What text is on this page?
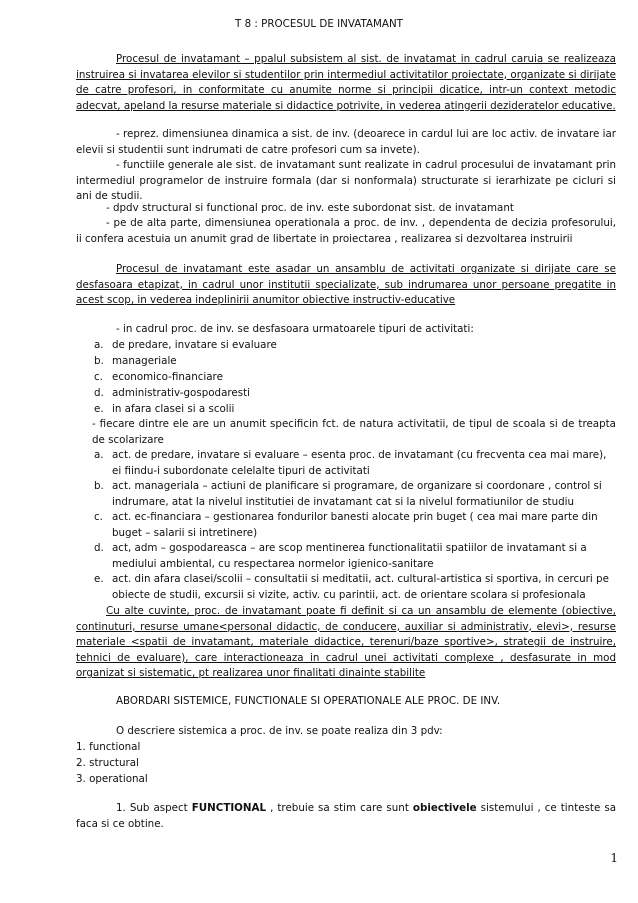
T 8 : PROCESUL DE INVATAMANT
Procesul de invatamant – ppalul subsistem al sist. de invatamat in cadrul caruia se realizeaza instruirea si invatarea elevilor si studentilor prin intermediul activitatilor proiectate, organizate si dirijate de catre profesori, in conformitate cu anumite norme si principii dicatice, intr-un context metodic adecvat, apeland la resurse materiale si didactice potrivite, in vederea atingerii dezideratelor educative.
- reprez. dimensiunea dinamica a sist. de inv. (deoarece in cardul lui are loc activ. de invatare iar elevii si studentii sunt indrumati de catre profesori cum sa invete).
- functiile generale ale sist. de invatamant sunt realizate in cadrul procesului de invatamant prin intermediul programelor de instruire formala (dar si nonformala) structurate si ierarhizate pe cicluri si ani de studii.
- dpdv structural si functional proc. de inv. este subordonat sist. de invatamant
- pe de alta parte, dimensiunea operationala a proc. de inv. , dependenta de decizia profesorului, ii confera acestuia un anumit grad de libertate in proiectarea , realizarea si dezvoltarea instruirii
Procesul de invatamant este asadar un ansamblu de activitati organizate si dirijate care se desfasoara etapizat, in cadrul unor institutii specializate, sub indrumarea unor persoane pregatite in acest scop, in vederea indeplinirii anumitor obiective instructiv-educative
- in cadrul proc. de inv. se desfasoara urmatoarele tipuri de activitati:
a. de predare, invatare si evaluare
b. manageriale
c. economico-financiare
d. administrativ-gospodaresti
e. in afara clasei si a scolii
- fiecare dintre ele are un anumit specificin fct. de natura activitatii, de tipul de scoala si de treapta de scolarizare
a. act. de predare, invatare si evaluare – esenta proc. de invatamant (cu frecventa cea mai mare), ei fiindu-i subordonate celelalte tipuri de activitati
b. act. manageriala – actiuni de planificare si programare, de organizare si coordonare , control si indrumare, atat la nivelul institutiei de invatamant cat si la nivelul formatiunilor de studiu
c. act. ec-financiara – gestionarea fondurilor banesti alocate prin buget ( cea mai mare parte din buget – salarii si intretinere)
d. act, adm – gospodareasca – are scop mentinerea functionalitatii spatiilor de invatamant si a mediului ambiental, cu respectarea normelor igienico-sanitare
e. act. din afara clasei/scolii – consultatii si meditatii, act. cultural-artistica si sportiva, in cercuri pe obiecte de studii, excursii si vizite, activ. cu parintii, act. de orientare scolara si profesionala
Cu alte cuvinte, proc. de invatamant poate fi definit si ca un ansamblu de elemente (obiective, continuturi, resurse umane<personal didactic, de conducere, auxiliar si administrativ, elevi>, resurse materiale <spatii de invatamant, materiale didactice, terenuri/baze sportive>, strategii de instruire, tehnici de evaluare), care interactioneaza in cadrul unei activitati complexe , desfasurate in mod organizat si sistematic, pt realizarea unor finalitati dinainte stabilite
ABORDARI SISTEMICE, FUNCTIONALE SI OPERATIONALE ALE PROC. DE INV.
O descriere sistemica a proc. de inv. se poate realiza din 3 pdv:
1. functional
2. structural
3. operational
1. Sub aspect FUNCTIONAL , trebuie sa stim care sunt obiectivele sistemului , ce tinteste sa faca si ce obtine.
1
